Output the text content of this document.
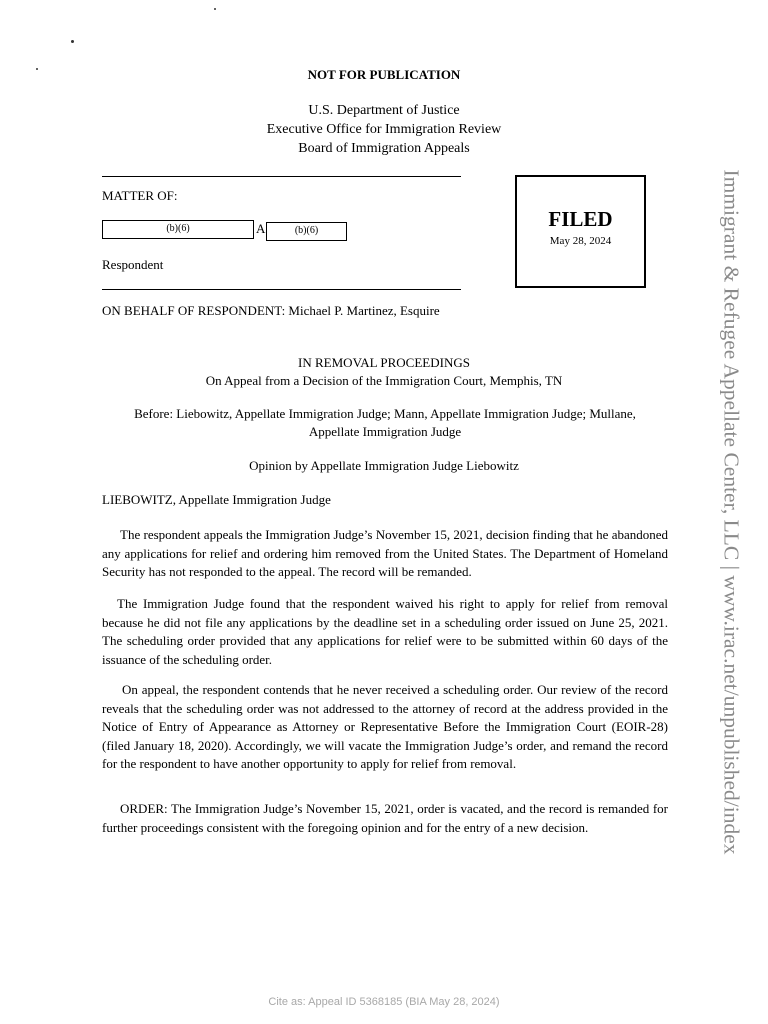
NOT FOR PUBLICATION
U.S. Department of Justice
Executive Office for Immigration Review
Board of Immigration Appeals
MATTER OF:
(b)(6)	A	(b)(6)
Respondent
FILED
May 28, 2024
ON BEHALF OF RESPONDENT: Michael P. Martinez, Esquire
IN REMOVAL PROCEEDINGS
On Appeal from a Decision of the Immigration Court, Memphis, TN
Before: Liebowitz, Appellate Immigration Judge; Mann, Appellate Immigration Judge; Mullane,
Appellate Immigration Judge
Opinion by Appellate Immigration Judge Liebowitz
LIEBOWITZ, Appellate Immigration Judge
The respondent appeals the Immigration Judge’s November 15, 2021, decision finding that he abandoned any applications for relief and ordering him removed from the United States. The Department of Homeland Security has not responded to the appeal. The record will be remanded.
The Immigration Judge found that the respondent waived his right to apply for relief from removal because he did not file any applications by the deadline set in a scheduling order issued on June 25, 2021. The scheduling order provided that any applications for relief were to be submitted within 60 days of the issuance of the scheduling order.
On appeal, the respondent contends that he never received a scheduling order. Our review of the record reveals that the scheduling order was not addressed to the attorney of record at the address provided in the Notice of Entry of Appearance as Attorney or Representative Before the Immigration Court (EOIR-28) (filed January 18, 2020). Accordingly, we will vacate the Immigration Judge’s order, and remand the record for the respondent to have another opportunity to apply for relief from removal.
ORDER: The Immigration Judge’s November 15, 2021, order is vacated, and the record is remanded for further proceedings consistent with the foregoing opinion and for the entry of a new decision.	Immigrant & Refugee Appellate Center, LLC | www.irac.net/unpublished/index
Cite as: Appeal ID 5368185 (BIA May 28, 2024)
